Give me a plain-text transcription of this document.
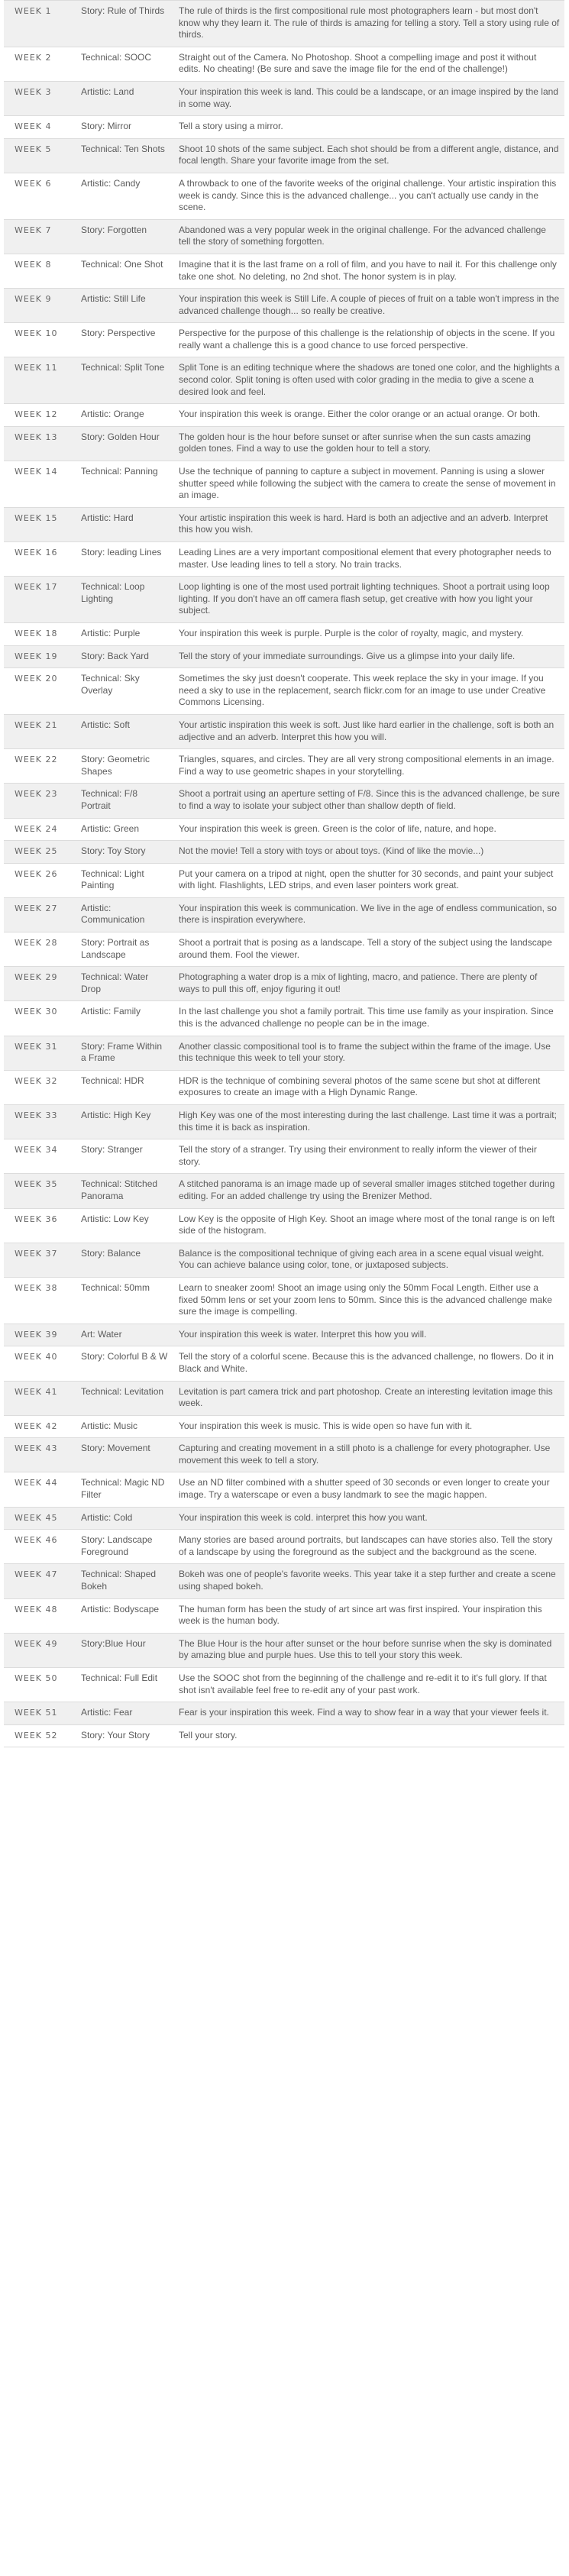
WEEK 1	Story: Rule of Thirds	The rule of thirds is the first compositional rule most photographers learn - but most don't know why they learn it. The rule of thirds is amazing for telling a story. Tell a story using rule of thirds.
WEEK 2	Technical: SOOC	Straight out of the Camera. No Photoshop. Shoot a compelling image and post it without edits. No cheating! (Be sure and save the image file for the end of the challenge!)
WEEK 3	Artistic: Land	Your inspiration this week is land. This could be a landscape, or an image inspired by the land in some way.
WEEK 4	Story: Mirror	Tell a story using a mirror.
WEEK 5	Technical: Ten Shots	Shoot 10 shots of the same subject. Each shot should be from a different angle, distance, and focal length. Share your favorite image from the set.
WEEK 6	Artistic: Candy	A throwback to one of the favorite weeks of the original challenge. Your artistic inspiration this week is candy. Since this is the advanced challenge... you can't actually use candy in the scene.
WEEK 7	Story: Forgotten	Abandoned was a very popular week in the original challenge. For the advanced challenge tell the story of something forgotten.
WEEK 8	Technical: One Shot	Imagine that it is the last frame on a roll of film, and you have to nail it. For this challenge only take one shot. No deleting, no 2nd shot. The honor system is in play.
WEEK 9	Artistic: Still Life	Your inspiration this week is Still Life. A couple of pieces of fruit on a table won't impress in the advanced challenge though... so really be creative.
WEEK 10	Story: Perspective	Perspective for the purpose of this challenge is the relationship of objects in the scene. If you really want a challenge this is a good chance to use forced perspective.
WEEK 11	Technical: Split Tone	Split Tone is an editing technique where the shadows are toned one color, and the highlights a second color. Split toning is often used with color grading in the media to give a scene a desired look and feel.
WEEK 12	Artistic: Orange	Your inspiration this week is orange. Either the color orange or an actual orange. Or both.
WEEK 13	Story: Golden Hour	The golden hour is the hour before sunset or after sunrise when the sun casts amazing golden tones. Find a way to use the golden hour to tell a story.
WEEK 14	Technical: Panning	Use the technique of panning to capture a subject in movement. Panning is using a slower shutter speed while following the subject with the camera to create the sense of movement in an image.
WEEK 15	Artistic: Hard	Your artistic inspiration this week is hard. Hard is both an adjective and an adverb. Interpret this how you wish.
WEEK 16	Story: leading Lines	Leading Lines are a very important compositional element that every photographer needs to master. Use leading lines to tell a story. No train tracks.
WEEK 17	Technical: Loop Lighting	Loop lighting is one of the most used portrait lighting techniques. Shoot a portrait using loop lighting. If you don't have an off camera flash setup, get creative with how you light your subject.
WEEK 18	Artistic: Purple	Your inspiration this week is purple. Purple is the color of royalty, magic, and mystery.
WEEK 19	Story: Back Yard	Tell the story of your immediate surroundings. Give us a glimpse into your daily life.
WEEK 20	Technical: Sky Overlay	Sometimes the sky just doesn't cooperate. This week replace the sky in your image. If you need a sky to use in the replacement, search flickr.com for an image to use under Creative Commons Licensing.
WEEK 21	Artistic: Soft	Your artistic inspiration this week is soft. Just like hard earlier in the challenge, soft is both an adjective and an adverb. Interpret this how you will.
WEEK 22	Story: Geometric Shapes	Triangles, squares, and circles. They are all very strong compositional elements in an image. Find a way to use geometric shapes in your storytelling.
WEEK 23	Technical: F/8 Portrait	Shoot a portrait using an aperture setting of F/8. Since this is the advanced challenge, be sure to find a way to isolate your subject other than shallow depth of field.
WEEK 24	Artistic: Green	Your inspiration this week is green. Green is the color of life, nature, and hope.
WEEK 25	Story: Toy Story	Not the movie! Tell a story with toys or about toys. (Kind of like the movie...)
WEEK 26	Technical: Light Painting	Put your camera on a tripod at night, open the shutter for 30 seconds, and paint your subject with light. Flashlights, LED strips, and even laser pointers work great.
WEEK 27	Artistic: Communication	Your inspiration this week is communication. We live in the age of endless communication, so there is inspiration everywhere.
WEEK 28	Story: Portrait as Landscape	Shoot a portrait that is posing as a landscape. Tell a story of the subject using the landscape around them. Fool the viewer.
WEEK 29	Technical: Water Drop	Photographing a water drop is a mix of lighting, macro, and patience. There are plenty of ways to pull this off, enjoy figuring it out!
WEEK 30	Artistic: Family	In the last challenge you shot a family portrait. This time use family as your inspiration. Since this is the advanced challenge no people can be in the image.
WEEK 31	Story: Frame Within a Frame	Another classic compositional tool is to frame the subject within the frame of the image. Use this technique this week to tell your story.
WEEK 32	Technical: HDR	HDR is the technique of combining several photos of the same scene but shot at different exposures to create an image with a High Dynamic Range.
WEEK 33	Artistic: High Key	High Key was one of the most interesting during the last challenge. Last time it was a portrait; this time it is back as inspiration.
WEEK 34	Story: Stranger	Tell the story of a stranger. Try using their environment to really inform the viewer of their story.
WEEK 35	Technical: Stitched Panorama	A stitched panorama is an image made up of several smaller images stitched together during editing. For an added challenge try using the Brenizer Method.
WEEK 36	Artistic: Low Key	Low Key is the opposite of High Key. Shoot an image where most of the tonal range is on left side of the histogram.
WEEK 37	Story: Balance	Balance is the compositional technique of giving each area in a scene equal visual weight. You can achieve balance using color, tone, or juxtaposed subjects.
WEEK 38	Technical: 50mm	Learn to sneaker zoom! Shoot an image using only the 50mm Focal Length. Either use a fixed 50mm lens or set your zoom lens to 50mm. Since this is the advanced challenge make sure the image is compelling.
WEEK 39	Art: Water	Your inspiration this week is water. Interpret this how you will.
WEEK 40	Story: Colorful B & W	Tell the story of a colorful scene. Because this is the advanced challenge, no flowers. Do it in Black and White.
WEEK 41	Technical: Levitation	Levitation is part camera trick and part photoshop. Create an interesting levitation image this week.
WEEK 42	Artistic: Music	Your inspiration this week is music. This is wide open so have fun with it.
WEEK 43	Story: Movement	Capturing and creating movement in a still photo is a challenge for every photographer. Use movement this week to tell a story.
WEEK 44	Technical: Magic ND Filter	Use an ND filter combined with a shutter speed of 30 seconds or even longer to create your image. Try a waterscape or even a busy landmark to see the magic happen.
WEEK 45	Artistic: Cold	Your inspiration this week is cold. interpret this how you want.
WEEK 46	Story: Landscape Foreground	Many stories are based around portraits, but landscapes can have stories also. Tell the story of a landscape by using the foreground as the subject and the background as the scene.
WEEK 47	Technical: Shaped Bokeh	Bokeh was one of people's favorite weeks. This year take it a step further and create a scene using shaped bokeh.
WEEK 48	Artistic: Bodyscape	The human form has been the study of art since art was first inspired. Your inspiration this week is the human body.
WEEK 49	Story:Blue Hour	The Blue Hour is the hour after sunset or the hour before sunrise when the sky is dominated by amazing blue and purple hues. Use this to tell your story this week.
WEEK 50	Technical: Full Edit	Use the SOOC shot from the beginning of the challenge and re-edit it to it's full glory. If that shot isn't available feel free to re-edit any of your past work.
WEEK 51	Artistic: Fear	Fear is your inspiration this week. Find a way to show fear in a way that your viewer feels it.
WEEK 52	Story: Your Story	Tell your story.
